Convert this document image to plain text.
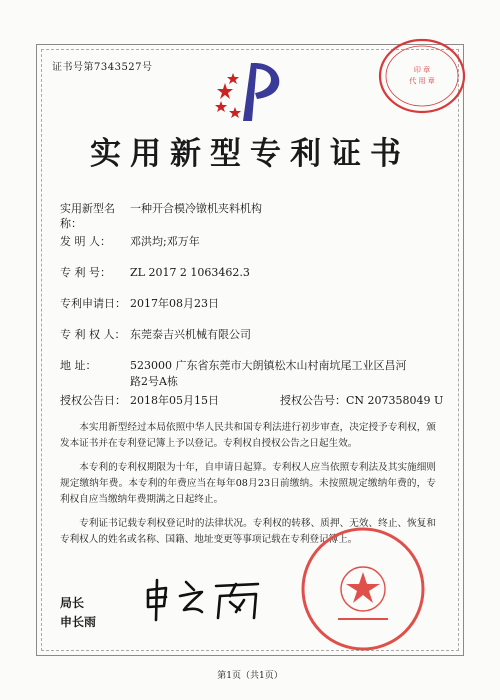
证书号第7343527号	印 章
代 用 章
实用新型专利证书
实用新型名称：
一种开合模冷镦机夹料机构
发 明 人： 邓洪均;邓万年
专 利 号： ZL 2017 2 1063462.3
专利申请日： 2017年08月23日
专 利 权 人： 东莞泰吉兴机械有限公司
地 址：	523000 广东省东莞市大朗镇松木山村南坑尾工业区昌河
路2号A栋
授权公告日： 2018年05月15日	授权公告号：CN 207358049 U

本实用新型经过本局依照中华人民共和国专利法进行初步审查，决定授予专利权，颁发本证书并在专利登记簿上予以登记。专利权自授权公告之日起生效。

本专利的专利权期限为十年，自申请日起算。专利权人应当依照专利法及其实施细则规定缴纳年费。本专利的年费应当在每年08月23日前缴纳。未按照规定缴纳年费的，专利权自应当缴纳年费期满之日起终止。

专利证书记载专利权登记时的法律状况。专利权的转移、质押、无效、终止、恢复和专利权人的姓名或名称、国籍、地址变更等事项记载在专利登记簿上。

局长
申长雨
第1页（共1页）
